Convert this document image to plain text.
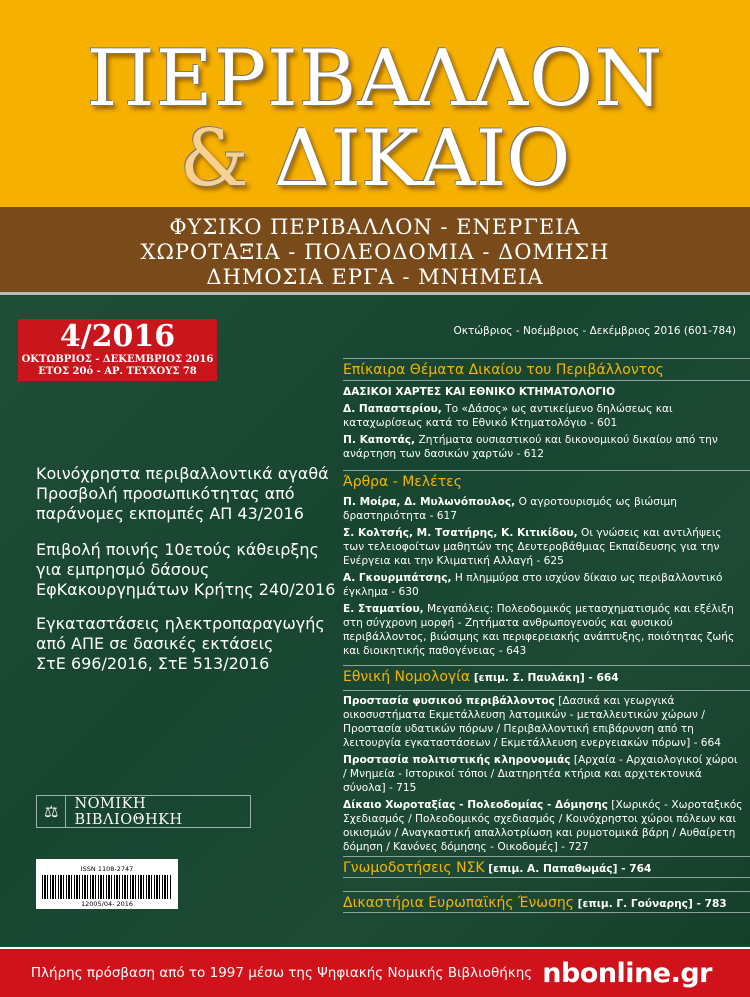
ΠΕΡΙΒΑΛΛΟΝ
& ΔΙΚΑΙΟ
ΦΥΣΙΚΟ ΠΕΡΙΒΑΛΛΟΝ - ΕΝΕΡΓΕΙΑ
ΧΩΡΟΤΑΞΙΑ - ΠΟΛΕΟΔΟΜΙΑ - ΔΟΜΗΣΗ
ΔΗΜΟΣΙΑ ΕΡΓΑ - ΜΝΗΜΕΙΑ
4/2016
ΟΚΤΩΒΡΙΟΣ - ΔΕΚΕΜΒΡΙΟΣ 2016
ΕΤΟΣ 20ό - ΑΡ. ΤΕΥΧΟΥΣ 78
Οκτώβριος - Νοέμβριος - Δεκέμβριος 2016 (601-784)
Κοινόχρηστα περιβαλλοντικά αγαθά
Προσβολή προσωπικότητας από
παράνομες εκπομπές ΑΠ 43/2016
Επιβολή ποινής 10ετούς κάθειρξης
για εμπρησμό δάσους
ΕφΚακουργημάτων Κρήτης 240/2016
Εγκαταστάσεις ηλεκτροπαραγωγής
από ΑΠΕ σε δασικές εκτάσεις
ΣτΕ 696/2016, ΣτΕ 513/2016
Επίκαιρα Θέματα Δικαίου του Περιβάλλοντος
ΔΑΣΙΚΟΙ ΧΑΡΤΕΣ ΚΑΙ ΕΘΝΙΚΟ ΚΤΗΜΑΤΟΛΟΓΙΟ
Δ. Παπαστερίου, Το «Δάσος» ως αντικείμενο δηλώσεως και καταχωρίσεως κατά το Εθνικό Κτηματολόγιο - 601
Π. Καποτάς, Ζητήματα ουσιαστικού και δικονομικού δικαίου από την ανάρτηση των δασικών χαρτών - 612
Άρθρα - Μελέτες
Π. Μοίρα, Δ. Μυλωνόπουλος, Ο αγροτουρισμός ως βιώσιμη δραστηριότητα - 617
Σ. Κολτσής, Μ. Τσατήρης, Κ. Κιτικίδου, Οι γνώσεις και αντιλήψεις των τελειοφοίτων μαθητών της Δευτεροβάθμιας Εκπαίδευσης για την Ενέργεια και την Κλιματική Αλλαγή - 625
Α. Γκουρμπάτσης, Η πλημμύρα στο ισχύον δίκαιο ως περιβαλλοντικό έγκλημα - 630
Ε. Σταματίου, Μεγαπόλεις: Πολεοδομικός μετασχηματισμός και εξέλιξη στη σύγχρονη μορφή - Ζητήματα ανθρωπογενούς και φυσικού περιβάλλοντος, βιώσιμης και περιφερειακής ανάπτυξης, ποιότητας ζωής και διοικητικής παθογένειας - 643
Εθνική Νομολογία [επιμ. Σ. Παυλάκη] - 664
Προστασία φυσικού περιβάλλοντος [Δασικά και γεωργικά οικοσυστήματα Εκμετάλλευση λατομικών - μεταλλευτικών χώρων / Προστασία υδατικών πόρων / Περιβαλλοντική επιβάρυνση από τη λειτουργία εγκαταστάσεων / Εκμετάλλευση ενεργειακών πόρων] - 664
Προστασία πολιτιστικής κληρονομιάς [Αρχαία - Αρχαιολογικοί χώροι / Μνημεία - Ιστορικοί τόποι / Διατηρητέα κτήρια και αρχιτεκτονικά σύνολα] - 715
Δίκαιο Χωροταξίας - Πολεοδομίας - Δόμησης [Χωρικός - Χωροταξικός Σχεδιασμός / Πολεοδομικός σχεδιασμός / Κοινόχρηστοι χώροι πόλεων και οικισμών / Αναγκαστική απαλλοτρίωση και ρυμοτομικά βάρη / Αυθαίρετη δόμηση / Κανόνες δόμησης - Οικοδομές] - 727
Γνωμοδοτήσεις ΝΣΚ [επιμ. Α. Παπαθωμάς] - 764
Δικαστήρια Ευρωπαϊκής Ένωσης [επιμ. Γ. Γούναρης] - 783
⚖	ΝΟΜΙΚΗ ΒΙΒΛΙΟΘΗΚΗ
ISSN 1108-2747
12005/04- 2016
Πλήρης πρόσβαση από το 1997 μέσω της Ψηφιακής Νομικής Βιβλιοθήκης nbonline.gr
